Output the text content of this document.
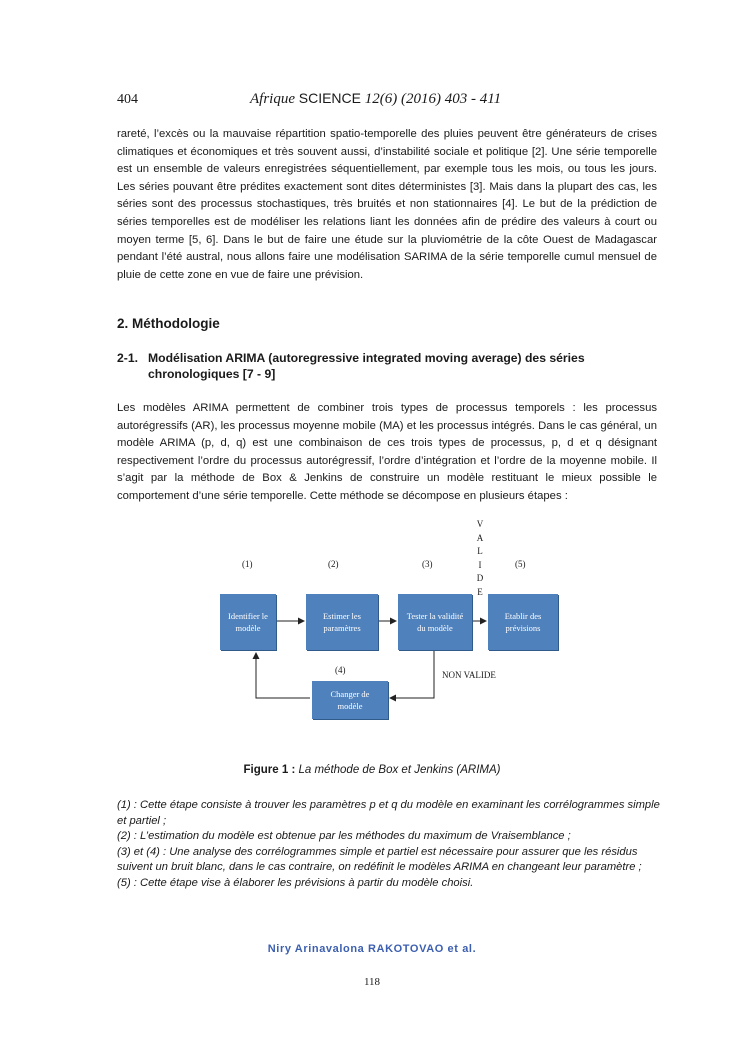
404	Afrique SCIENCE 12(6) (2016) 403 - 411

rareté, l’excès ou la mauvaise répartition spatio-temporelle des pluies peuvent être générateurs de crises climatiques et économiques et très souvent aussi, d’instabilité sociale et politique [2]. Une série temporelle est un ensemble de valeurs enregistrées séquentiellement, par exemple tous les mois, ou tous les jours. Les séries pouvant être prédites exactement sont dites déterministes [3]. Mais dans la plupart des cas, les séries sont des processus stochastiques, très bruités et non stationnaires [4]. Le but de la prédiction de séries temporelles est de modéliser les relations liant les données afin de prédire des valeurs à court ou moyen terme [5, 6]. Dans le but de faire une étude sur la pluviométrie de la côte Ouest de Madagascar pendant l’été austral, nous allons faire une modélisation SARIMA de la série temporelle cumul mensuel de pluie de cette zone en vue de faire une prévision.

2. Méthodologie
2-1. Modélisation ARIMA (autoregressive integrated moving average) des séries
chronologiques [7 - 9]

Les modèles ARIMA permettent de combiner trois types de processus temporels : les processus autorégressifs (AR), les processus moyenne mobile (MA) et les processus intégrés. Dans le cas général, un modèle ARIMA (p, d, q) est une combinaison de ces trois types de processus, p, d et q désignant respectivement l’ordre du processus autorégressif, l’ordre d’intégration et l’ordre de la moyenne mobile. Il s’agit par la méthode de Box & Jenkins de construire un modèle restituant le mieux possible le comportement d’une série temporelle. Cette méthode se décompose en plusieurs étapes :

(1)	(2)	(3)	(5)
(4)
V
A
L
I
D
E
Identifier le
modèle
Estimer les
paramètres
Tester la validité
du modèle
Etablir des
prévisions
Changer de
modèle
NON VALIDE
Figure 1 : La méthode de Box et Jenkins (ARIMA)

(1) : Cette étape consiste à trouver les paramètres p et q du modèle en examinant les corrélogrammes simple et partiel ;

(2) : L’estimation du modèle est obtenue par les méthodes du maximum de Vraisemblance ;

(3) et (4) : Une analyse des corrélogrammes simple et partiel est nécessaire pour assurer que les résidus suivent un bruit blanc, dans le cas contraire, on redéfinit le modèles ARIMA en changeant leur paramètre ;

(5) : Cette étape vise à élaborer les prévisions à partir du modèle choisi.

Niry Arinavalona RAKOTOVAO et al.
118
